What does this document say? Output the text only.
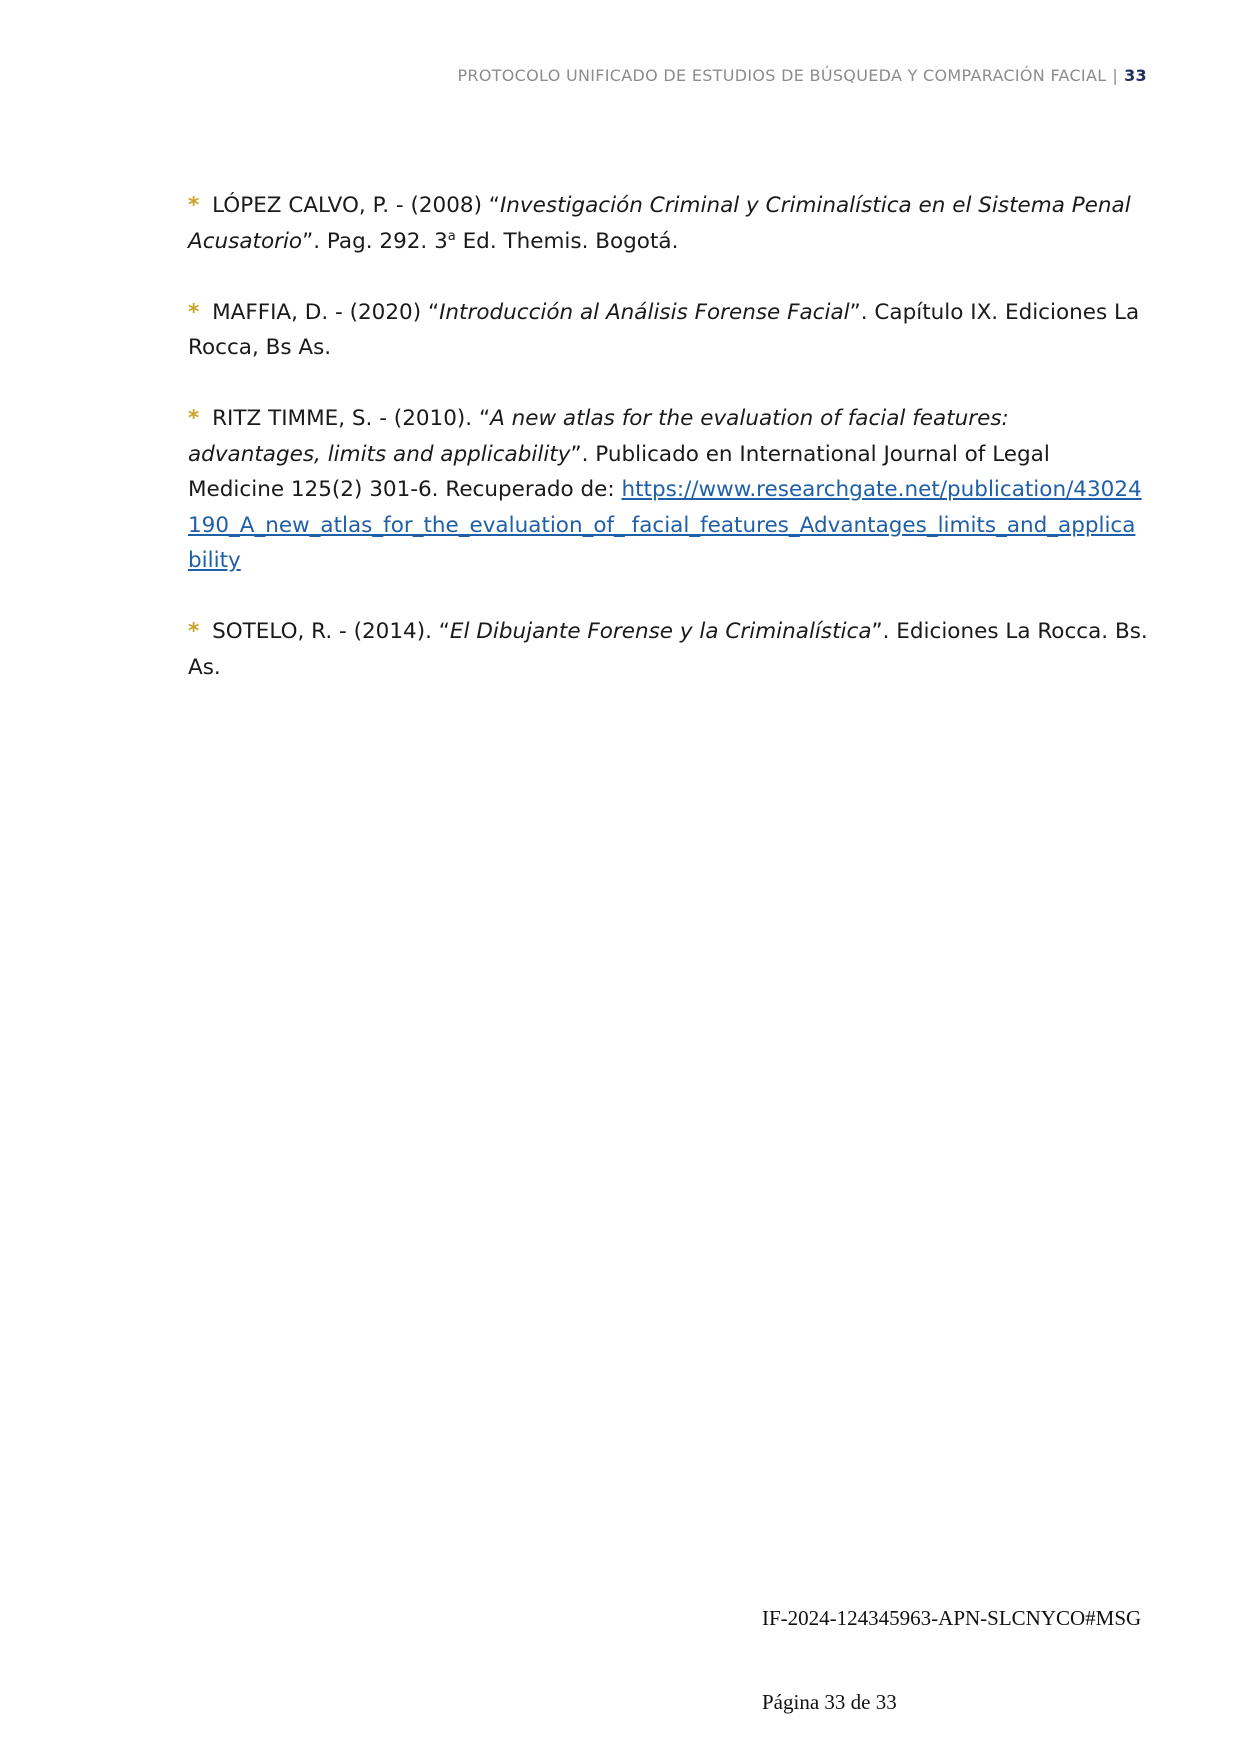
PROTOCOLO UNIFICADO DE ESTUDIOS DE BÚSQUEDA Y COMPARACIÓN FACIAL | 33

* LÓPEZ CALVO, P. - (2008) “Investigación Criminal y Criminalística en el Sistema Penal Acusatorio”. Pag. 292. 3$^a$ Ed. Themis. Bogotá.

* MAFFIA, D. - (2020) “Introducción al Análisis Forense Facial”. Capítulo IX. Ediciones La Rocca, Bs As.

* RITZ TIMME, S. - (2010). “A new atlas for the evaluation of facial features: advantages, limits and applicability”. Publicado en International Journal of Legal Medicine 125(2) 301-6. Recuperado de: https://www.researchgate.net/publication/43024190_A_new_atlas_for_the_evaluation_of_ facial_features_Advantages_limits_and_applicability

* SOTELO, R. - (2014). “El Dibujante Forense y la Criminalística”. Ediciones La Rocca. Bs. As.

IF-2024-124345963-APN-SLCNYCO#MSG
Página 33 de 33
